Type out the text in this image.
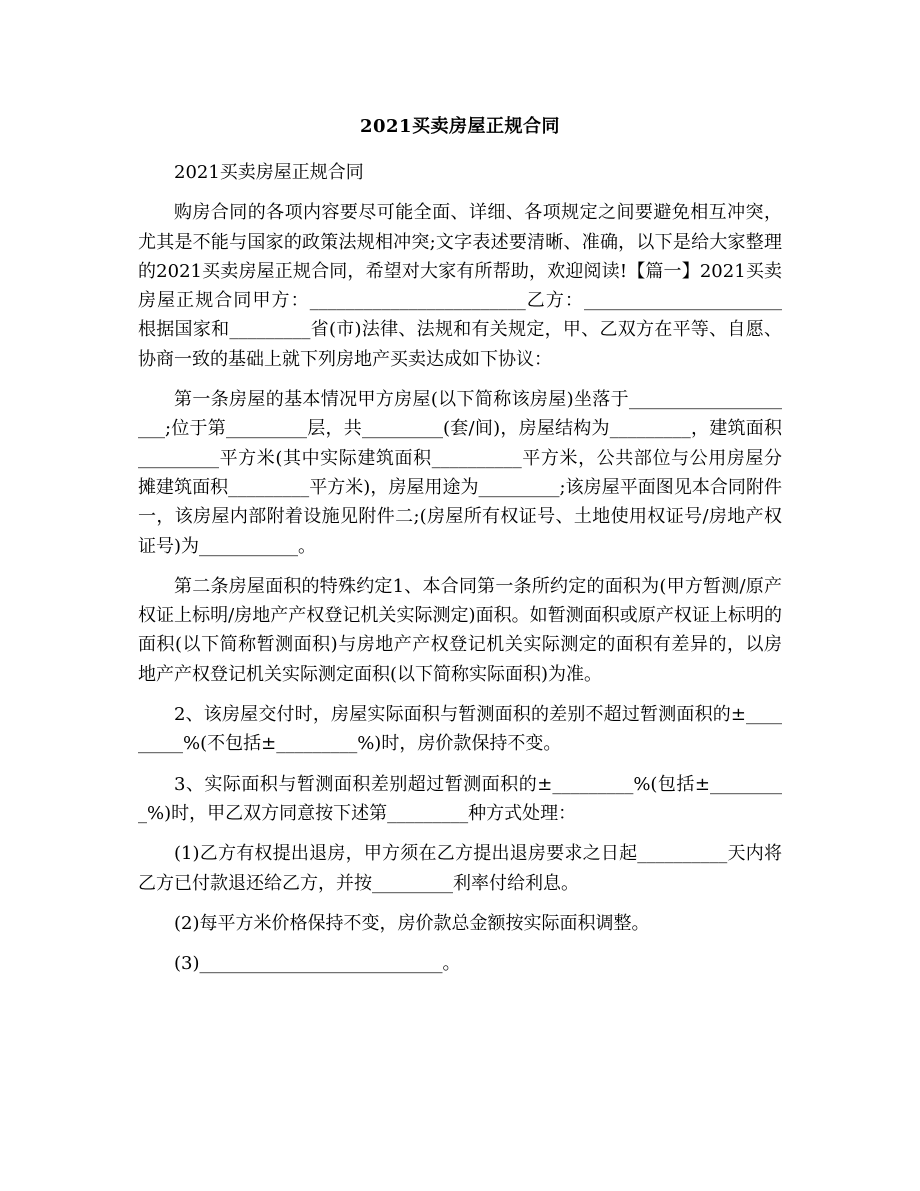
2021买卖房屋正规合同

2021买卖房屋正规合同

购房合同的各项内容要尽可能全面、详细、各项规定之间要避免相互冲突，尤其是不能与国家的政策法规相冲突;文字表述要清晰、准确，以下是给大家整理的2021买卖房屋正规合同，希望对大家有所帮助，欢迎阅读!【篇一】2021买卖房屋正规合同甲方：________________________乙方：______________________根据国家和_________省(市)法律、法规和有关规定，甲、乙双方在平等、自愿、协商一致的基础上就下列房地产买卖达成如下协议：

第一条房屋的基本情况甲方房屋(以下简称该房屋)坐落于____________________;位于第_________层，共_________(套/间)，房屋结构为_________，建筑面积_________平方米(其中实际建筑面积__________平方米，公共部位与公用房屋分摊建筑面积_________平方米)，房屋用途为_________;该房屋平面图见本合同附件一，该房屋内部附着设施见附件二;(房屋所有权证号、土地使用权证号/房地产权证号)为___________。

第二条房屋面积的特殊约定1、本合同第一条所约定的面积为(甲方暂测/原产权证上标明/房地产产权登记机关实际测定)面积。如暂测面积或原产权证上标明的面积(以下简称暂测面积)与房地产产权登记机关实际测定的面积有差异的，以房地产产权登记机关实际测定面积(以下简称实际面积)为准。

2、该房屋交付时，房屋实际面积与暂测面积的差别不超过暂测面积的±_________%(不包括±_________%)时，房价款保持不变。

3、实际面积与暂测面积差别超过暂测面积的±_________%(包括±_________%)时，甲乙双方同意按下述第_________种方式处理：

(1)乙方有权提出退房，甲方须在乙方提出退房要求之日起__________天内将乙方已付款退还给乙方，并按_________利率付给利息。

(2)每平方米价格保持不变，房价款总金额按实际面积调整。

(3)___________________________。
